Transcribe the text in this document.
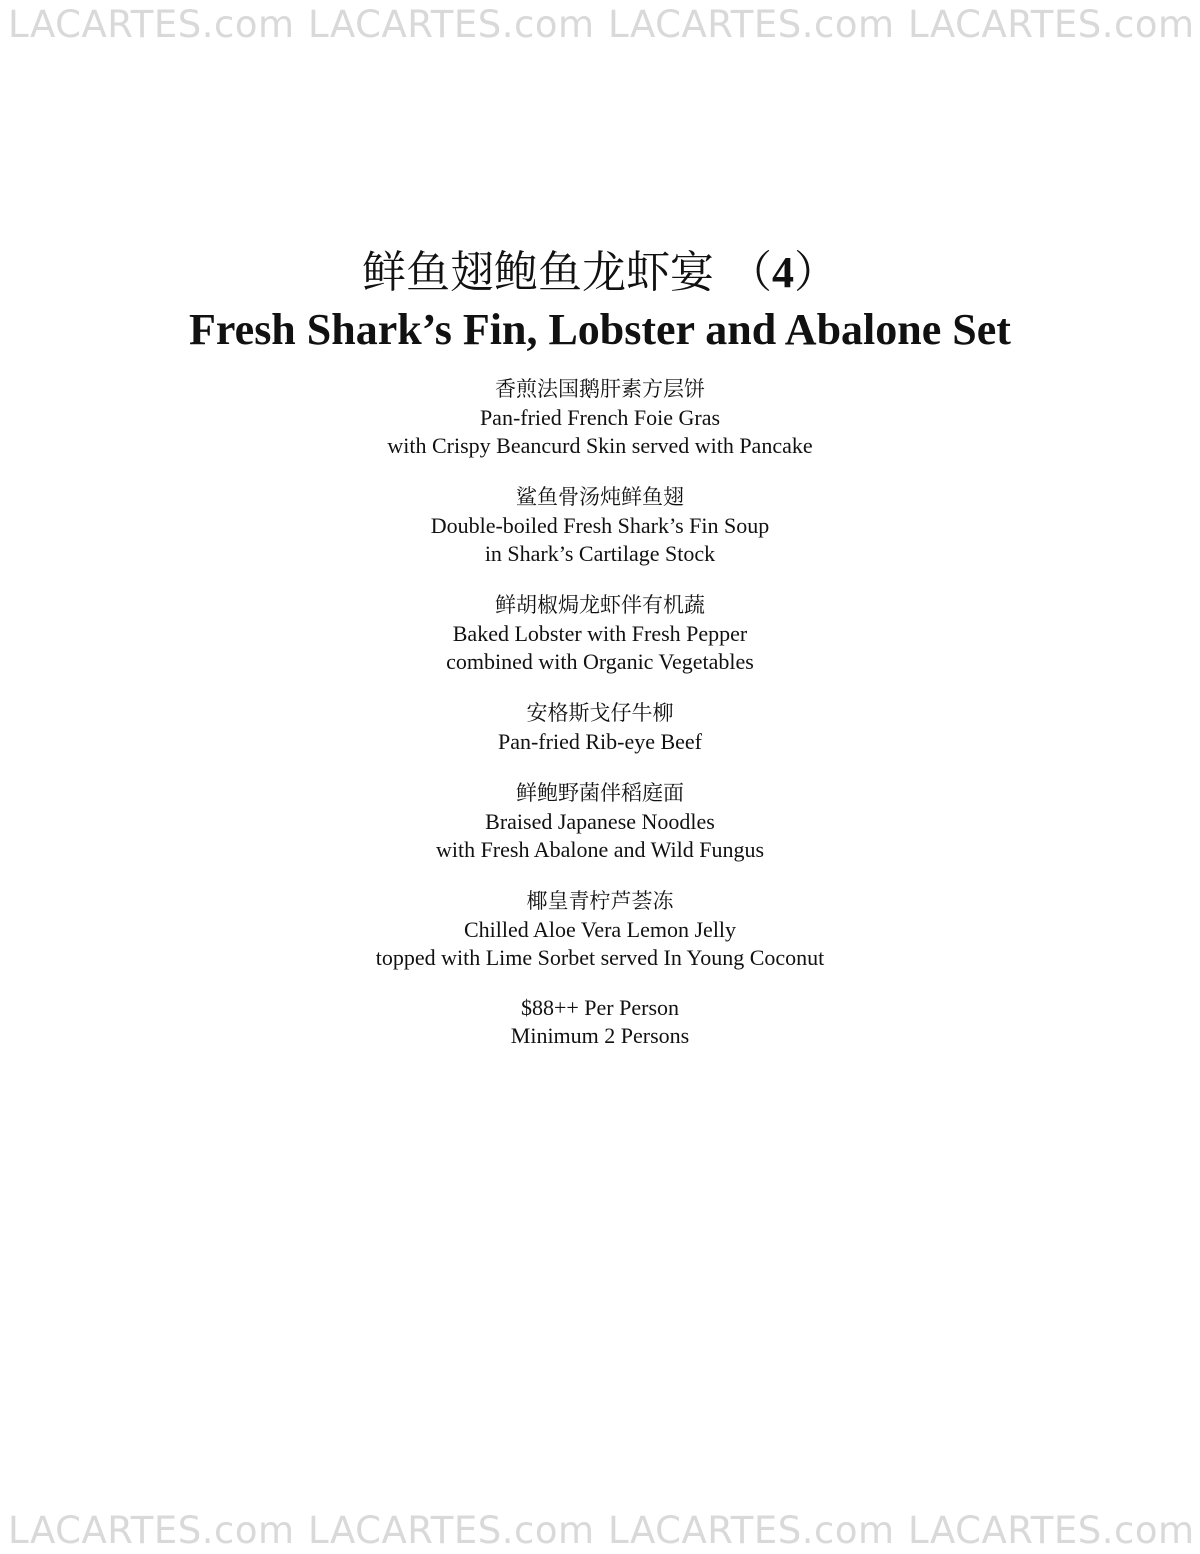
LACARTES.com LACARTES.com LACARTES.com LACARTES.com
鲜鱼翅鲍鱼龙虾宴 （4）
Fresh Shark’s Fin, Lobster and Abalone Set
香煎法国鹅肝素方层饼
Pan-fried French Foie Gras
with Crispy Beancurd Skin served with Pancake
鲨鱼骨汤炖鲜鱼翅
Double-boiled Fresh Shark’s Fin Soup
in Shark’s Cartilage Stock
鲜胡椒焗龙虾伴有机蔬
Baked Lobster with Fresh Pepper
combined with Organic Vegetables
安格斯戈仔牛柳
Pan-fried Rib-eye Beef
鲜鲍野菌伴稻庭面
Braised Japanese Noodles
with Fresh Abalone and Wild Fungus
椰皇青柠芦荟冻
Chilled Aloe Vera Lemon Jelly
topped with Lime Sorbet served In Young Coconut
$88++ Per Person
Minimum 2 Persons
LACARTES.com LACARTES.com LACARTES.com LACARTES.com
